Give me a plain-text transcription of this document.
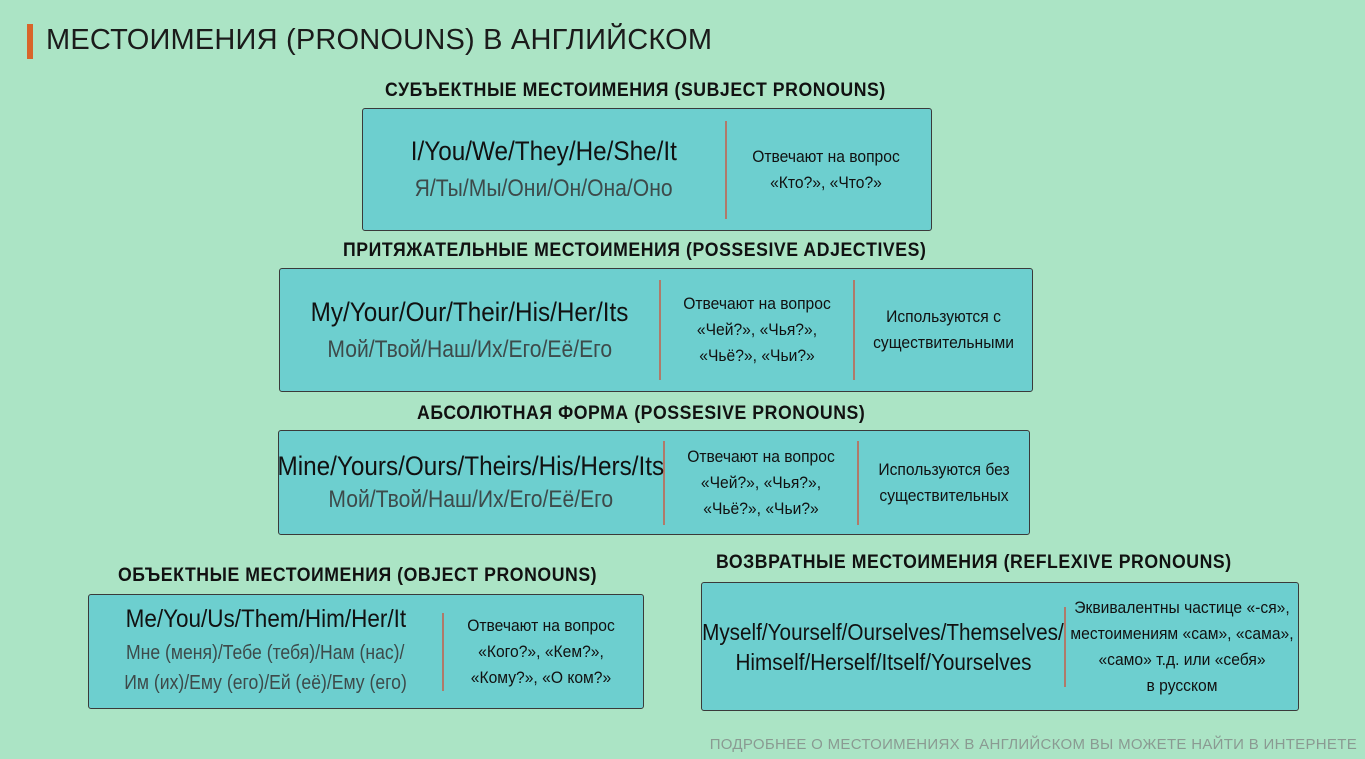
МЕСТОИМЕНИЯ (PRONOUNS) В АНГЛИЙСКОМ
СУБЪЕКТНЫЕ МЕСТОИМЕНИЯ (SUBJECT PRONOUNS)
I/You/We/They/He/She/It
Я/Ты/Мы/Они/Он/Она/Оно
Отвечают на вопрос
«Кто?», «Что?»
ПРИТЯЖАТЕЛЬНЫЕ МЕСТОИМЕНИЯ (POSSESIVE ADJECTIVES)
My/Your/Our/Their/His/Her/Its
Мой/Твой/Наш/Их/Его/Её/Его
Отвечают на вопрос
«Чей?», «Чья?»,
«Чьё?», «Чьи?»
Используются с
существительными
АБСОЛЮТНАЯ ФОРМА (POSSESIVE PRONOUNS)
Mine/Yours/Ours/Theirs/His/Hers/Its
Мой/Твой/Наш/Их/Его/Её/Его
Отвечают на вопрос
«Чей?», «Чья?»,
«Чьё?», «Чьи?»
Используются без
существительных
ОБЪЕКТНЫЕ МЕСТОИМЕНИЯ (OBJECT PRONOUNS)
Me/You/Us/Them/Him/Her/It
Мне (меня)/Тебе (тебя)/Нам (нас)/
Им (их)/Ему (его)/Ей (её)/Ему (его)
Отвечают на вопрос
«Кого?», «Кем?»,
«Кому?», «О ком?»
ВОЗВРАТНЫЕ МЕСТОИМЕНИЯ (REFLEXIVE PRONOUNS)
Myself/Yourself/Ourselves/Themselves/
Himself/Herself/Itself/Yourselves
Эквивалентны частице «-ся»,
местоимениям «сам», «сама»,
«само» т.д. или «себя»
в русском
ПОДРОБНЕЕ О МЕСТОИМЕНИЯХ В АНГЛИЙСКОМ ВЫ МОЖЕТЕ НАЙТИ В ИНТЕРНЕТЕ
